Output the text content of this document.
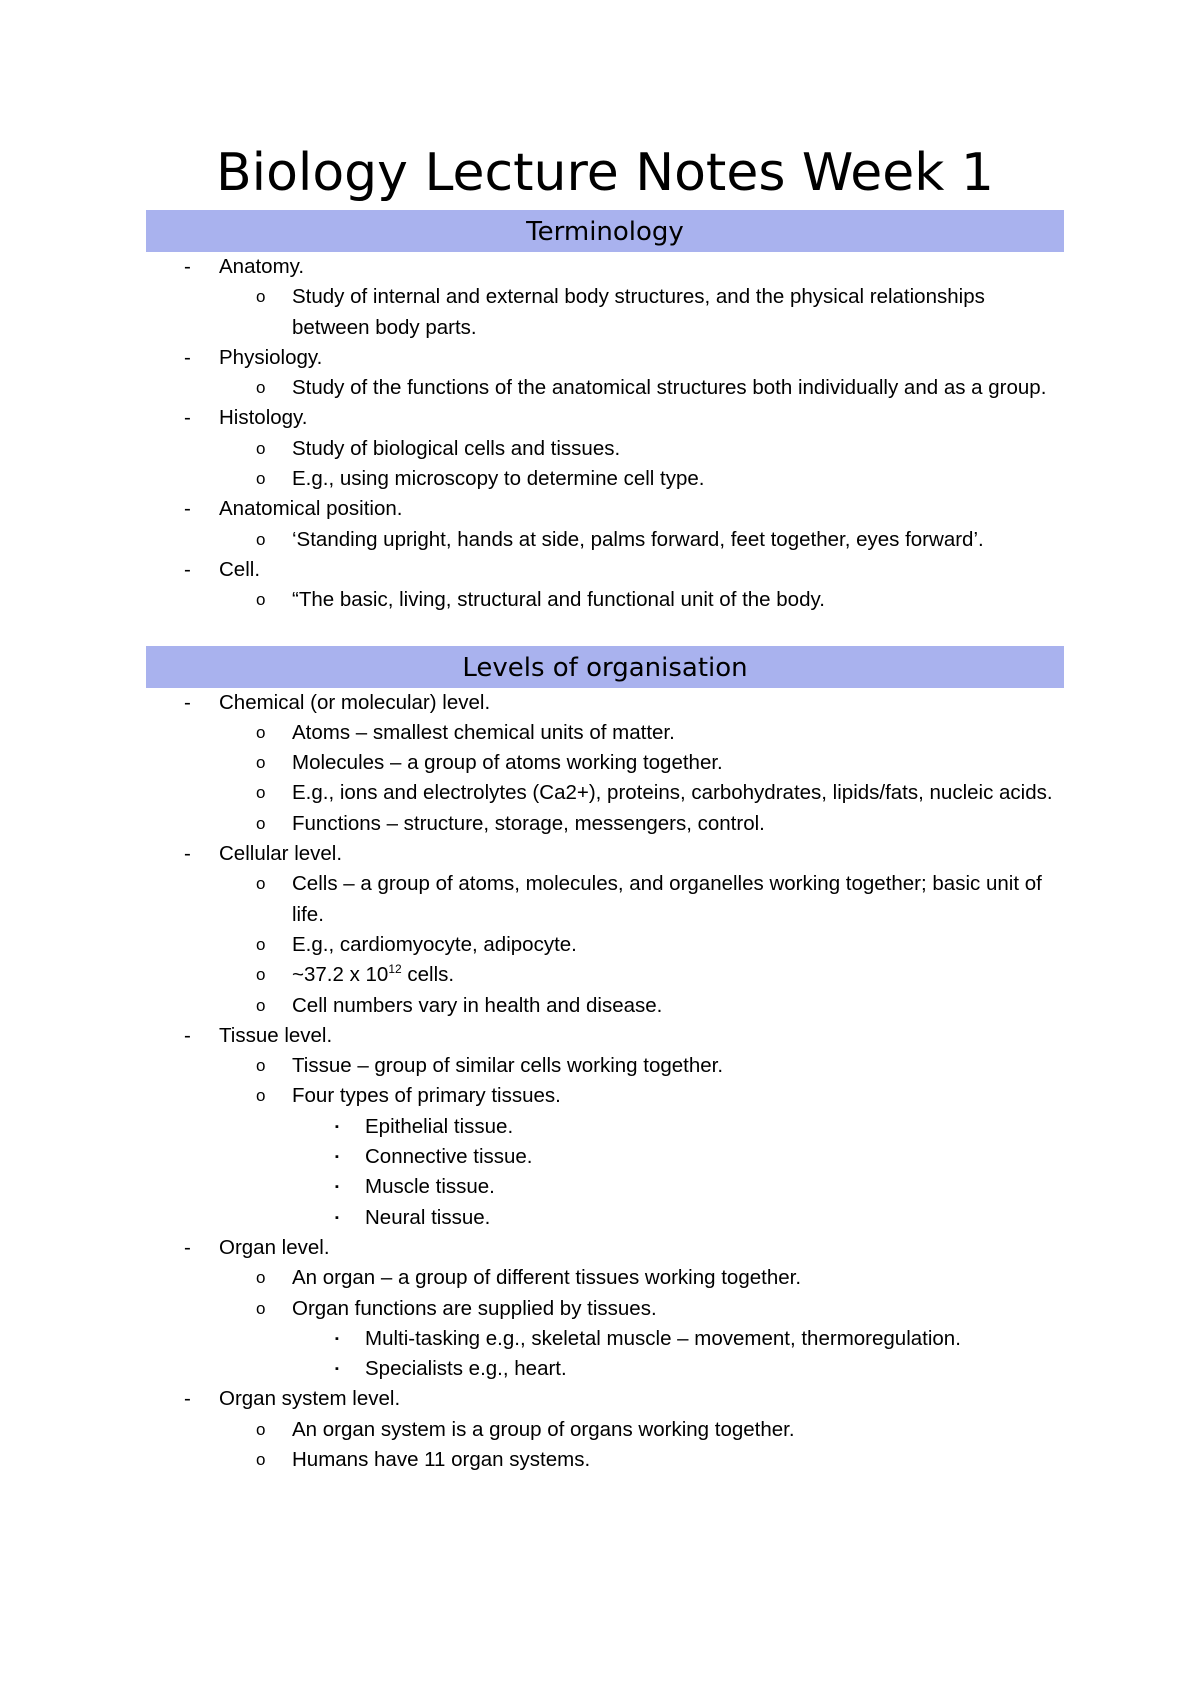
Biology Lecture Notes Week 1
Terminology
- Anatomy.
o Study of internal and external body structures, and the physical relationships between body parts.
- Physiology.
o Study of the functions of the anatomical structures both individually and as a group.
- Histology.
o Study of biological cells and tissues.
o E.g., using microscopy to determine cell type.
- Anatomical position.
o ‘Standing upright, hands at side, palms forward, feet together, eyes forward’.
- Cell.
o “The basic, living, structural and functional unit of the body.
Levels of organisation
- Chemical (or molecular) level.
o Atoms – smallest chemical units of matter.
o Molecules – a group of atoms working together.
o E.g., ions and electrolytes (Ca2+), proteins, carbohydrates, lipids/fats, nucleic acids.
o Functions – structure, storage, messengers, control.
- Cellular level.
o Cells – a group of atoms, molecules, and organelles working together; basic unit of life.
o E.g., cardiomyocyte, adipocyte.
o ~37.2 x $10^{12}$ cells.
o Cell numbers vary in health and disease.
- Tissue level.
o Tissue – group of similar cells working together.
o Four types of primary tissues.
▪ Epithelial tissue.
▪ Connective tissue.
▪ Muscle tissue.
▪ Neural tissue.
- Organ level.
o An organ – a group of different tissues working together.
o Organ functions are supplied by tissues.
▪ Multi-tasking e.g., skeletal muscle – movement, thermoregulation.
▪ Specialists e.g., heart.
- Organ system level.
o An organ system is a group of organs working together.
o Humans have 11 organ systems.
